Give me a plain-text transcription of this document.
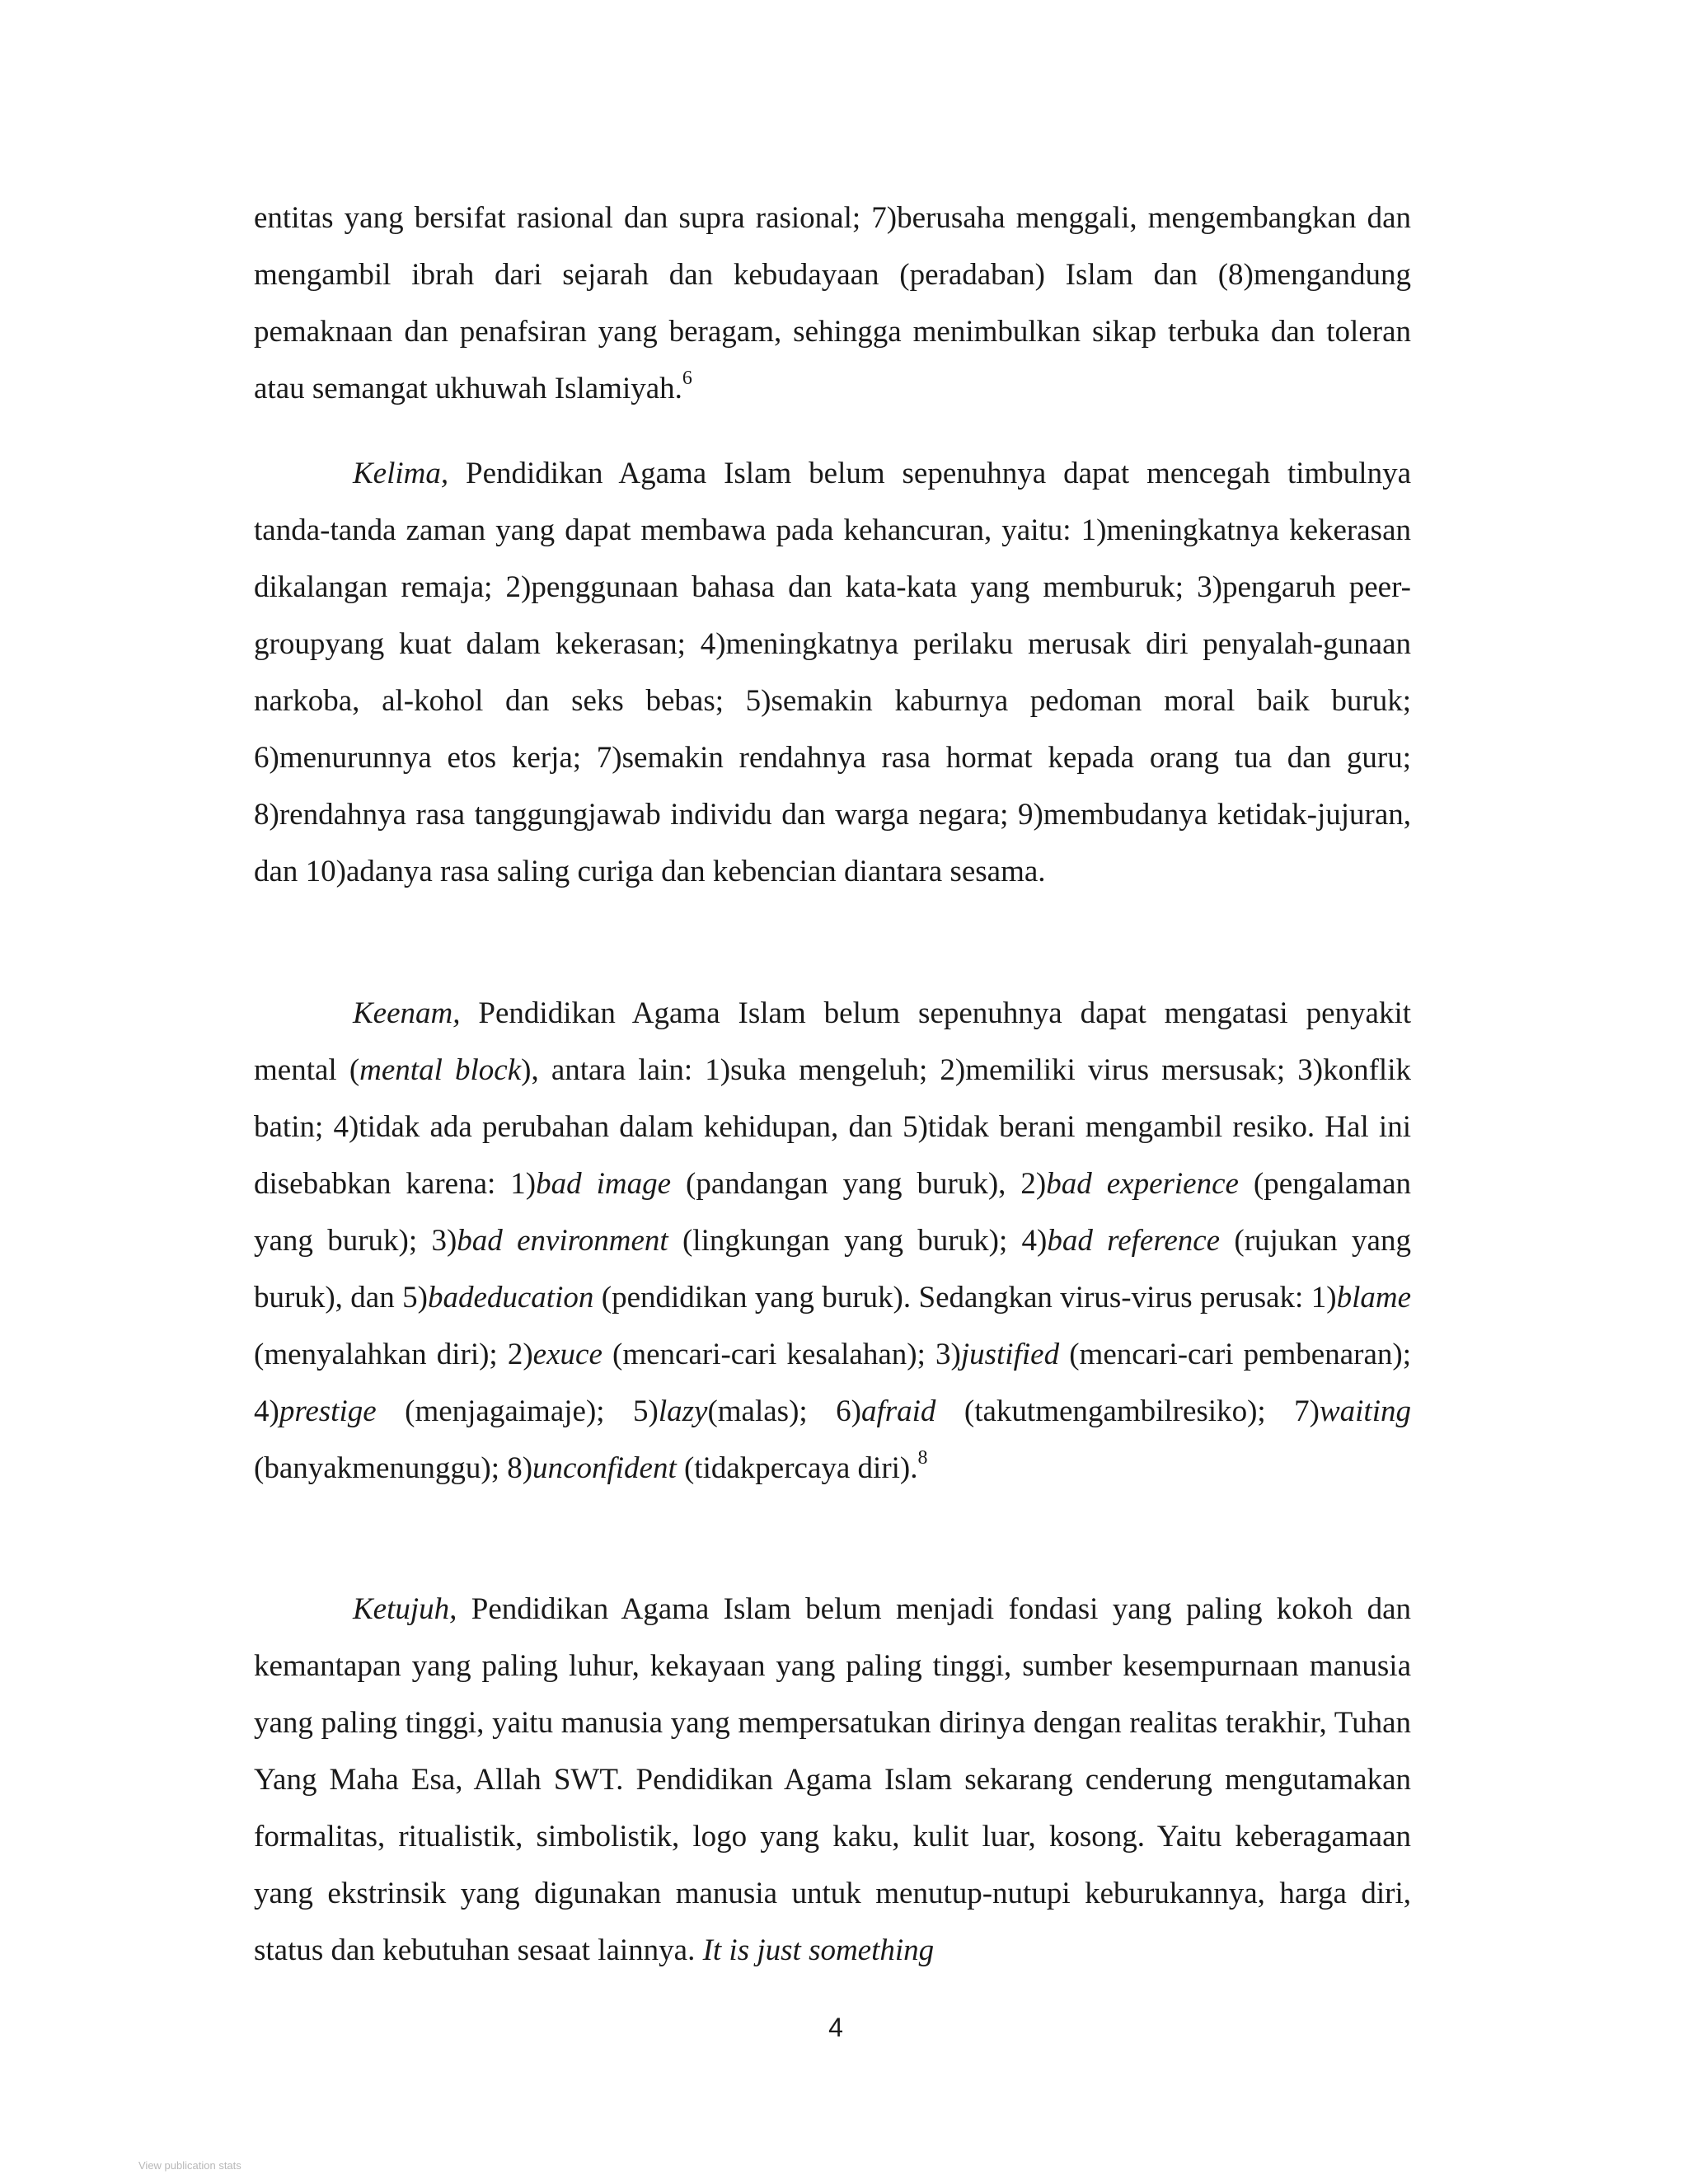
entitas yang bersifat rasional dan supra rasional; 7)berusaha menggali, mengembangkan dan mengambil ibrah dari sejarah dan kebudayaan (peradaban) Islam dan (8)mengandung pemaknaan dan penafsiran yang beragam, sehingga menimbulkan sikap terbuka dan toleran atau semangat ukhuwah Islamiyah.$^6$

Kelima, Pendidikan Agama Islam belum sepenuhnya dapat mencegah timbulnya tanda-tanda zaman yang dapat membawa pada kehancuran, yaitu: 1)meningkatnya kekerasan dikalangan remaja; 2)penggunaan bahasa dan kata-kata yang memburuk; 3)pengaruh peer-groupyang kuat dalam kekerasan; 4)meningkatnya perilaku merusak diri penyalah-gunaan narkoba, al-kohol dan seks bebas; 5)semakin kaburnya pedoman moral baik buruk; 6)menurunnya etos kerja; 7)semakin rendahnya rasa hormat kepada orang tua dan guru; 8)rendahnya rasa tanggungjawab individu dan warga negara; 9)membudanya ketidak-jujuran, dan 10)adanya rasa saling curiga dan kebencian diantara sesama.

Keenam, Pendidikan Agama Islam belum sepenuhnya dapat mengatasi penyakit mental (mental block), antara lain: 1)suka mengeluh; 2)memiliki virus mersusak; 3)konflik batin; 4)tidak ada perubahan dalam kehidupan, dan 5)tidak berani mengambil resiko. Hal ini disebabkan karena: 1)bad image (pandangan yang buruk), 2)bad experience (pengalaman yang buruk); 3)bad environment (lingkungan yang buruk); 4)bad reference (rujukan yang buruk), dan 5)badeducation (pendidikan yang buruk). Sedangkan virus-virus perusak: 1)blame (menyalahkan diri); 2)exuce (mencari-cari kesalahan); 3)justified (mencari-cari pembenaran); 4)prestige (menjagaimaje); 5)lazy(malas); 6)afraid (takutmengambilresiko); 7)waiting (banyakmenunggu); 8)unconfident (tidakpercaya diri).$^8$

Ketujuh, Pendidikan Agama Islam belum menjadi fondasi yang paling kokoh dan kemantapan yang paling luhur, kekayaan yang paling tinggi, sumber kesempurnaan manusia yang paling tinggi, yaitu manusia yang mempersatukan dirinya dengan realitas terakhir, Tuhan Yang Maha Esa, Allah SWT. Pendidikan Agama Islam sekarang cenderung mengutamakan formalitas, ritualistik, simbolistik, logo yang kaku, kulit luar, kosong. Yaitu keberagamaan yang ekstrinsik yang digunakan manusia untuk menutup-nutupi keburukannya, harga diri, status dan kebutuhan sesaat lainnya. It is just something

4
View publication stats
